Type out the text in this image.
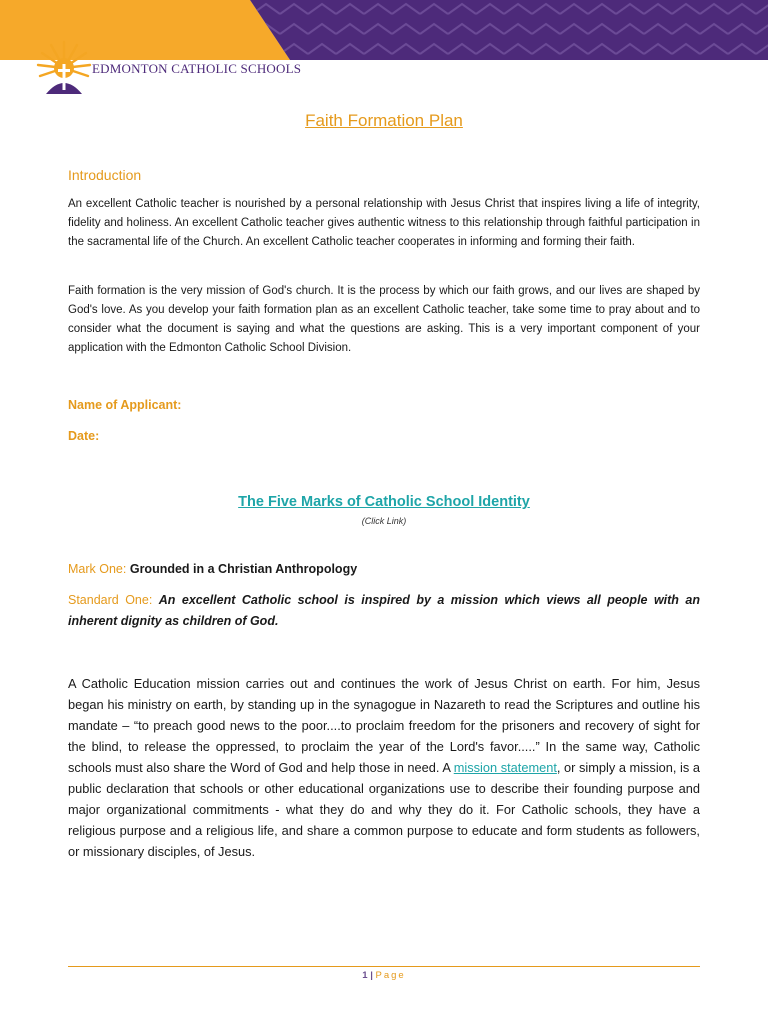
EDMONTON CATHOLIC SCHOOLS
Faith Formation Plan
Introduction
An excellent Catholic teacher is nourished by a personal relationship with Jesus Christ that inspires living a life of integrity, fidelity and holiness. An excellent Catholic teacher gives authentic witness to this relationship through faithful participation in the sacramental life of the Church. An excellent Catholic teacher cooperates in informing and forming their faith.
Faith formation is the very mission of God's church. It is the process by which our faith grows, and our lives are shaped by God's love. As you develop your faith formation plan as an excellent Catholic teacher, take some time to pray about and to consider what the document is saying and what the questions are asking. This is a very important component of your application with the Edmonton Catholic School Division.
Name of Applicant:
Date:
The Five Marks of Catholic School Identity
(Click Link)
Mark One: Grounded in a Christian Anthropology
Standard One: An excellent Catholic school is inspired by a mission which views all people with an inherent dignity as children of God.
A Catholic Education mission carries out and continues the work of Jesus Christ on earth. For him, Jesus began his ministry on earth, by standing up in the synagogue in Nazareth to read the Scriptures and outline his mandate – “to preach good news to the poor....to proclaim freedom for the prisoners and recovery of sight for the blind, to release the oppressed, to proclaim the year of the Lord's favor.....” In the same way, Catholic schools must also share the Word of God and help those in need. A mission statement, or simply a mission, is a public declaration that schools or other educational organizations use to describe their founding purpose and major organizational commitments - what they do and why they do it. For Catholic schools, they have a religious purpose and a religious life, and share a common purpose to educate and form students as followers, or missionary disciples, of Jesus.
1 | Page
